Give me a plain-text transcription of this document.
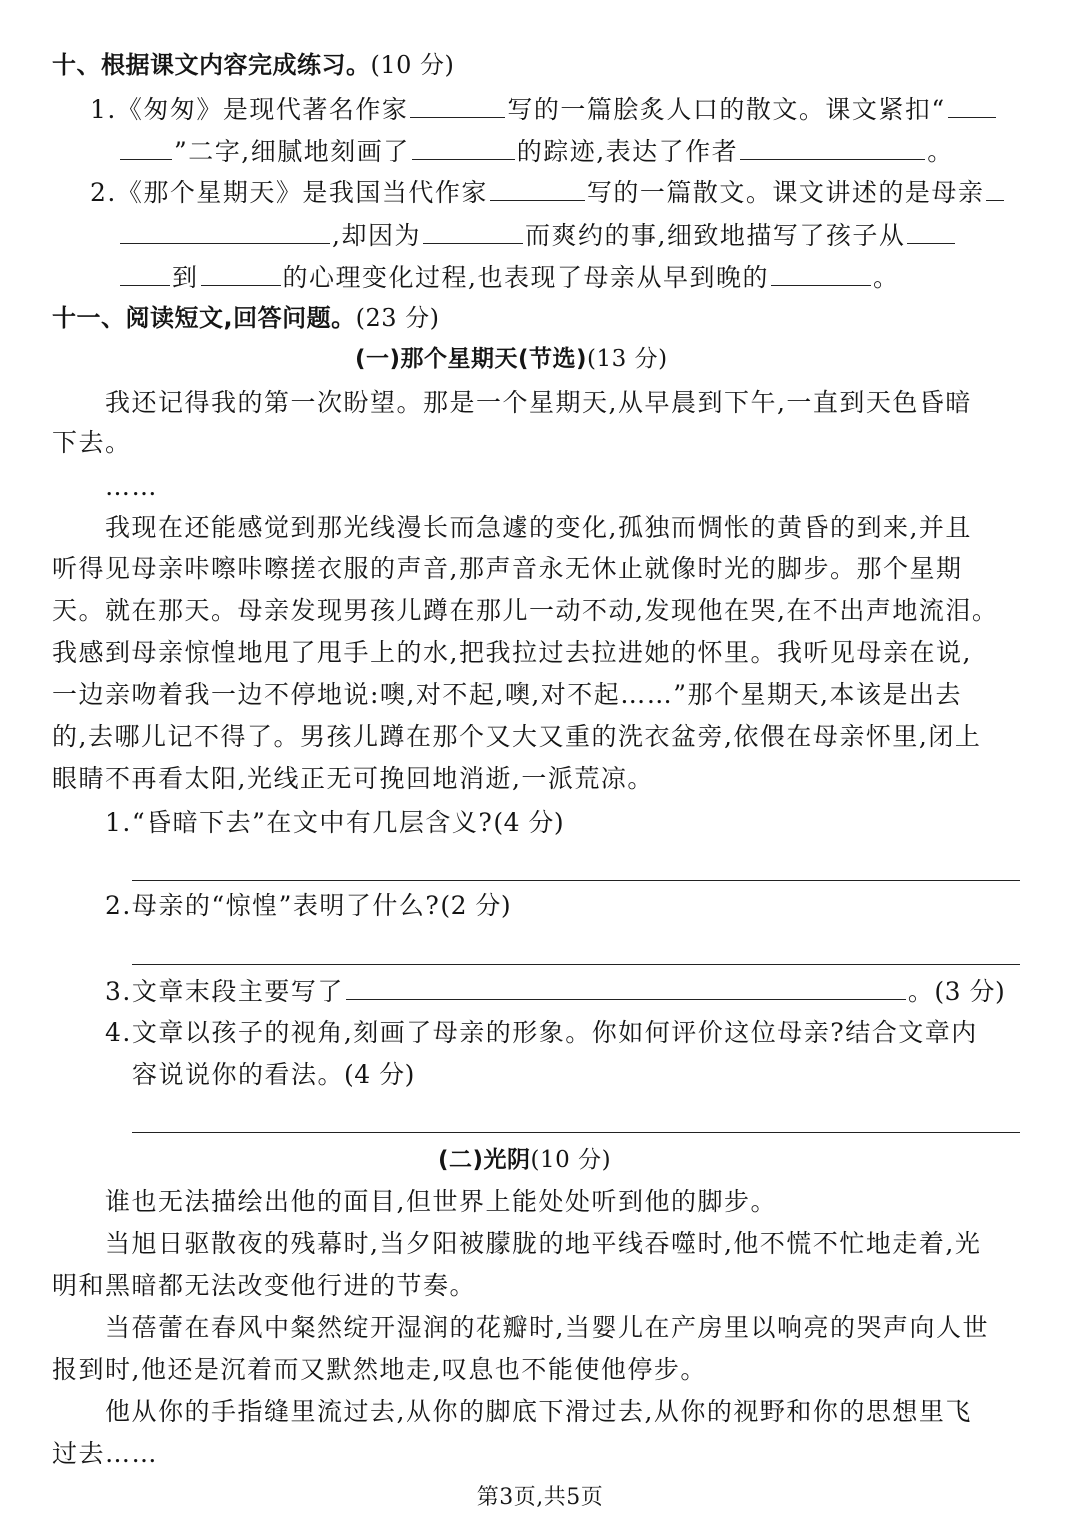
十、根据课文内容完成练习。(10 分)
1.《匆匆》是现代著名作家	写的一篇脍炙人口的散文。课文紧扣“
”二字,细腻地刻画了	的踪迹,表达了作者	。
2.《那个星期天》是我国当代作家	写的一篇散文。课文讲述的是母亲
,却因为	而爽约的事,细致地描写了孩子从
到	的心理变化过程,也表现了母亲从早到晚的	。
十一、阅读短文,回答问题。(23 分)
(一)那个星期天(节选)(13 分)
我还记得我的第一次盼望。那是一个星期天,从早晨到下午,一直到天色昏暗
下去。
……
我现在还能感觉到那光线漫长而急遽的变化,孤独而惆怅的黄昏的到来,并且
听得见母亲咔嚓咔嚓搓衣服的声音,那声音永无休止就像时光的脚步。那个星期
天。就在那天。母亲发现男孩儿蹲在那儿一动不动,发现他在哭,在不出声地流泪。
我感到母亲惊惶地甩了甩手上的水,把我拉过去拉进她的怀里。我听见母亲在说,
一边亲吻着我一边不停地说:噢,对不起,噢,对不起……”那个星期天,本该是出去
的,去哪儿记不得了。男孩儿蹲在那个又大又重的洗衣盆旁,依偎在母亲怀里,闭上
眼睛不再看太阳,光线正无可挽回地消逝,一派荒凉。
1.“昏暗下去”在文中有几层含义?(4 分)
2.母亲的“惊惶”表明了什么?(2 分)
3.文章末段主要写了	。(3 分)
4.文章以孩子的视角,刻画了母亲的形象。你如何评价这位母亲?结合文章内
容说说你的看法。(4 分)
(二)光阴(10 分)
谁也无法描绘出他的面目,但世界上能处处听到他的脚步。
当旭日驱散夜的残幕时,当夕阳被朦胧的地平线吞噬时,他不慌不忙地走着,光
明和黑暗都无法改变他行进的节奏。
当蓓蕾在春风中粲然绽开湿润的花瓣时,当婴儿在产房里以响亮的哭声向人世
报到时,他还是沉着而又默然地走,叹息也不能使他停步。
他从你的手指缝里流过去,从你的脚底下滑过去,从你的视野和你的思想里飞
过去……
第3页,共5页
